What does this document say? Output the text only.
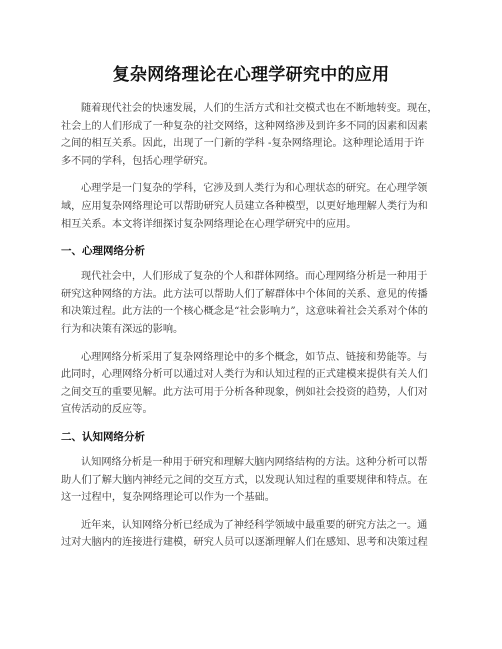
复杂网络理论在心理学研究中的应用

随着现代社会的快速发展，人们的生活方式和社交模式也在不断地转变。现在，
社会上的人们形成了一种复杂的社交网络，这种网络涉及到许多不同的因素和因素
之间的相互关系。因此，出现了一门新的学科 -复杂网络理论。这种理论适用于许
多不同的学科，包括心理学研究。

心理学是一门复杂的学科，它涉及到人类行为和心理状态的研究。在心理学领
域，应用复杂网络理论可以帮助研究人员建立各种模型，以更好地理解人类行为和
相互关系。本文将详细探讨复杂网络理论在心理学研究中的应用。

一、心理网络分析

现代社会中，人们形成了复杂的个人和群体网络。而心理网络分析是一种用于
研究这种网络的方法。此方法可以帮助人们了解群体中个体间的关系、意见的传播
和决策过程。此方法的一个核心概念是“社会影响力”，这意味着社会关系对个体的
行为和决策有深远的影响。

心理网络分析采用了复杂网络理论中的多个概念，如节点、链接和势能等。与
此同时，心理网络分析可以通过对人类行为和认知过程的正式建模来提供有关人们
之间交互的重要见解。此方法可用于分析各种现象，例如社会投资的趋势，人们对
宣传活动的反应等。

二、认知网络分析

认知网络分析是一种用于研究和理解大脑内网络结构的方法。这种分析可以帮
助人们了解大脑内神经元之间的交互方式，以发现认知过程的重要规律和特点。在
这一过程中，复杂网络理论可以作为一个基础。

近年来，认知网络分析已经成为了神经科学领域中最重要的研究方法之一。通
过对大脑内的连接进行建模，研究人员可以逐渐理解人们在感知、思考和决策过程
